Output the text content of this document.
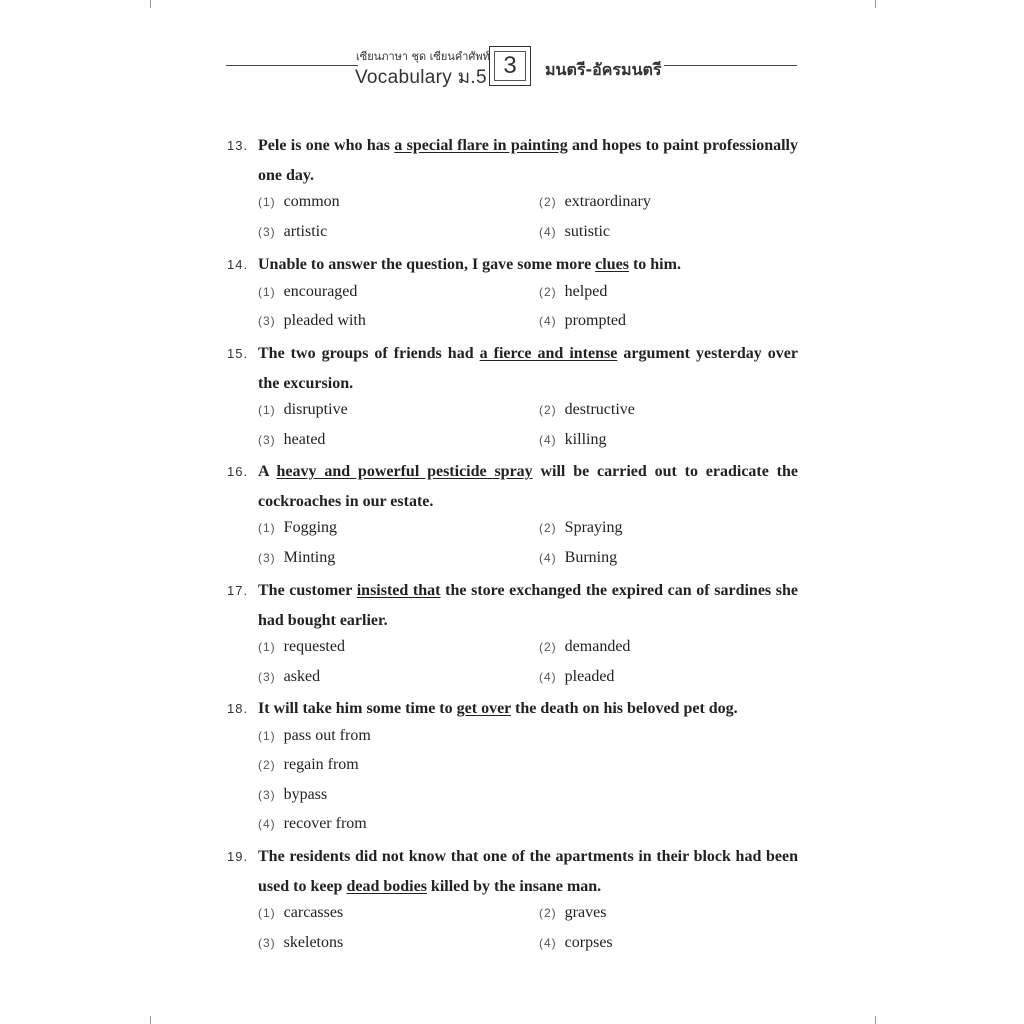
เซียนภาษา ชุด เซียนคำศัพท์
Vocabulary ม.5 3 มนตรี-อัครมนตรี
13. Pele is one who has a special flare in painting and hopes to paint professionally one day.
(1) common	(2) extraordinary
(3) artistic	(4) sutistic
14. Unable to answer the question, I gave some more clues to him.
(1) encouraged	(2) helped
(3) pleaded with	(4) prompted
15. The two groups of friends had a fierce and intense argument yesterday over the excursion.
(1) disruptive	(2) destructive
(3) heated	(4) killing
16. A heavy and powerful pesticide spray will be carried out to eradicate the cockroaches in our estate.
(1) Fogging	(2) Spraying
(3) Minting	(4) Burning
17. The customer insisted that the store exchanged the expired can of sardines she had bought earlier.
(1) requested	(2) demanded
(3) asked	(4) pleaded
18. It will take him some time to get over the death on his beloved pet dog.
(1) pass out from
(2) regain from
(3) bypass
(4) recover from
19. The residents did not know that one of the apartments in their block had been used to keep dead bodies killed by the insane man.
(1) carcasses	(2) graves
(3) skeletons	(4) corpses
